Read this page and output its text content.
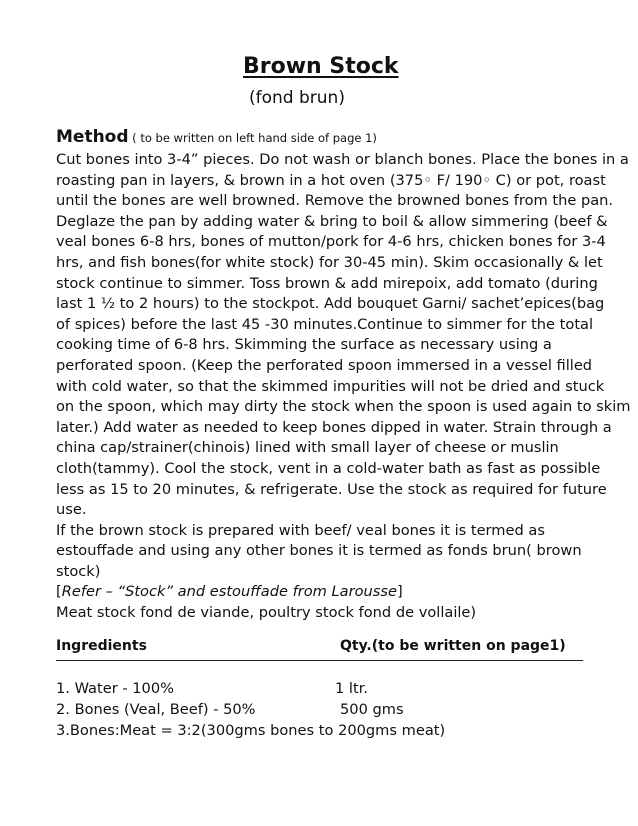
Brown Stock
(fond brun)
Method ( to be written on left hand side of page 1)
Cut bones into 3-4” pieces. Do not wash or blanch bones. Place the bones in a
roasting pan in layers, & brown in a hot oven (375◦ F/ 190◦ C) or pot, roast
until the bones are well browned. Remove the browned bones from the pan.
Deglaze the pan by adding water & bring to boil & allow simmering (beef &
veal bones 6-8 hrs, bones of mutton/pork for 4-6 hrs, chicken bones for 3-4
hrs, and fish bones(for white stock) for 30-45 min). Skim occasionally & let
stock continue to simmer. Toss brown & add mirepoix, add tomato (during
last 1 ½ to 2 hours) to the stockpot. Add bouquet Garni/ sachet’epices(bag
of spices) before the last 45 -30 minutes.Continue to simmer for the total
cooking time of 6-8 hrs. Skimming the surface as necessary using a
perforated spoon. (Keep the perforated spoon immersed in a vessel filled
with cold water, so that the skimmed impurities will not be dried and stuck
on the spoon, which may dirty the stock when the spoon is used again to skim
later.) Add water as needed to keep bones dipped in water. Strain through a
china cap/strainer(chinois) lined with small layer of cheese or muslin
cloth(tammy). Cool the stock, vent in a cold-water bath as fast as possible
less as 15 to 20 minutes, & refrigerate. Use the stock as required for future
use.
If the brown stock is prepared with beef/ veal bones it is termed as
estouffade and using any other bones it is termed as fonds brun( brown
stock)
[Refer – “Stock” and estouffade from Larousse]
Meat stock fond de viande, poultry stock fond de vollaile)
Ingredients	Qty.(to be written on page1)
1. Water - 100%	1 ltr.
2. Bones (Veal, Beef) - 50%	500 gms
3.Bones:Meat = 3:2(300gms bones to 200gms meat)
